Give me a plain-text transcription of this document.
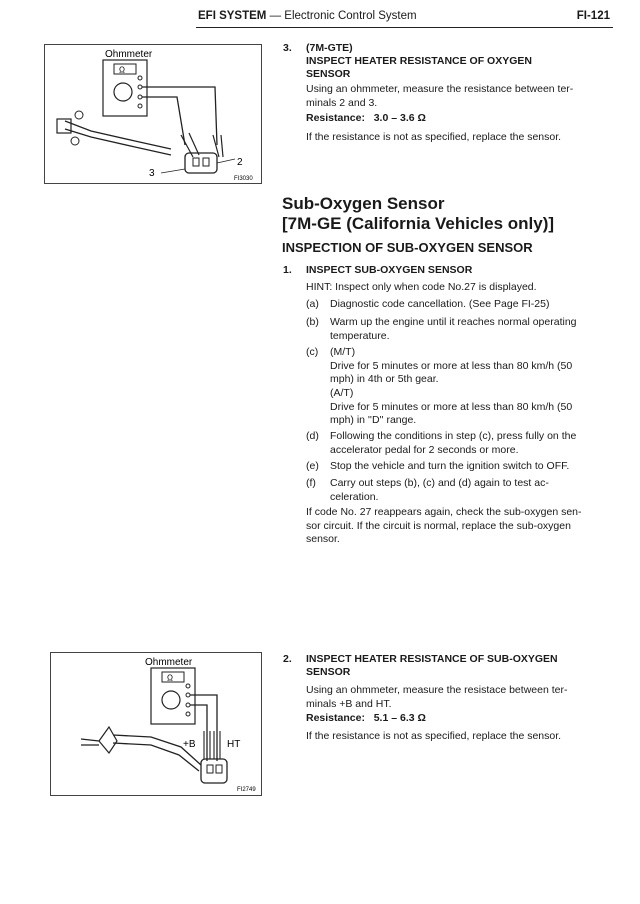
EFI SYSTEM — Electronic Control System	FI-121
Ohmmeter
Ω
2
3	FI3030
3. (7M-GTE)
INSPECT HEATER RESISTANCE OF OXYGEN
SENSOR
Using an ohmmeter, measure the resistance between ter-
minals 2 and 3.
Resistance: 3.0 – 3.6 Ω
If the resistance is not as specified, replace the sensor.
Sub-Oxygen Sensor
[7M-GE (California Vehicles only)]
INSPECTION OF SUB-OXYGEN SENSOR
1. INSPECT SUB-OXYGEN SENSOR
HINT: Inspect only when code No.27 is displayed.
(a) Diagnostic code cancellation. (See Page FI-25)
(b) Warm up the engine until it reaches normal operating
temperature.
(c) (M/T)
Drive for 5 minutes or more at less than 80 km/h (50
mph) in 4th or 5th gear.
(A/T)
Drive for 5 minutes or more at less than 80 km/h (50
mph) in ''D'' range.
(d) Following the conditions in step (c), press fully on the
accelerator pedal for 2 seconds or more.
(e) Stop the vehicle and turn the ignition switch to OFF.
(f) Carry out steps (b), (c) and (d) again to test ac-
celeration.
If code No. 27 reappears again, check the sub-oxygen sen-
sor circuit. If the circuit is normal, replace the sub-oxygen
sensor.
Ohmmeter
Ω
+B	HT
FI2749
2. INSPECT HEATER RESISTANCE OF SUB-OXYGEN
SENSOR
Using an ohmmeter, measure the resistace between ter-
minals +B and HT.
Resistance: 5.1 – 6.3 Ω
If the resistance is not as specified, replace the sensor.
